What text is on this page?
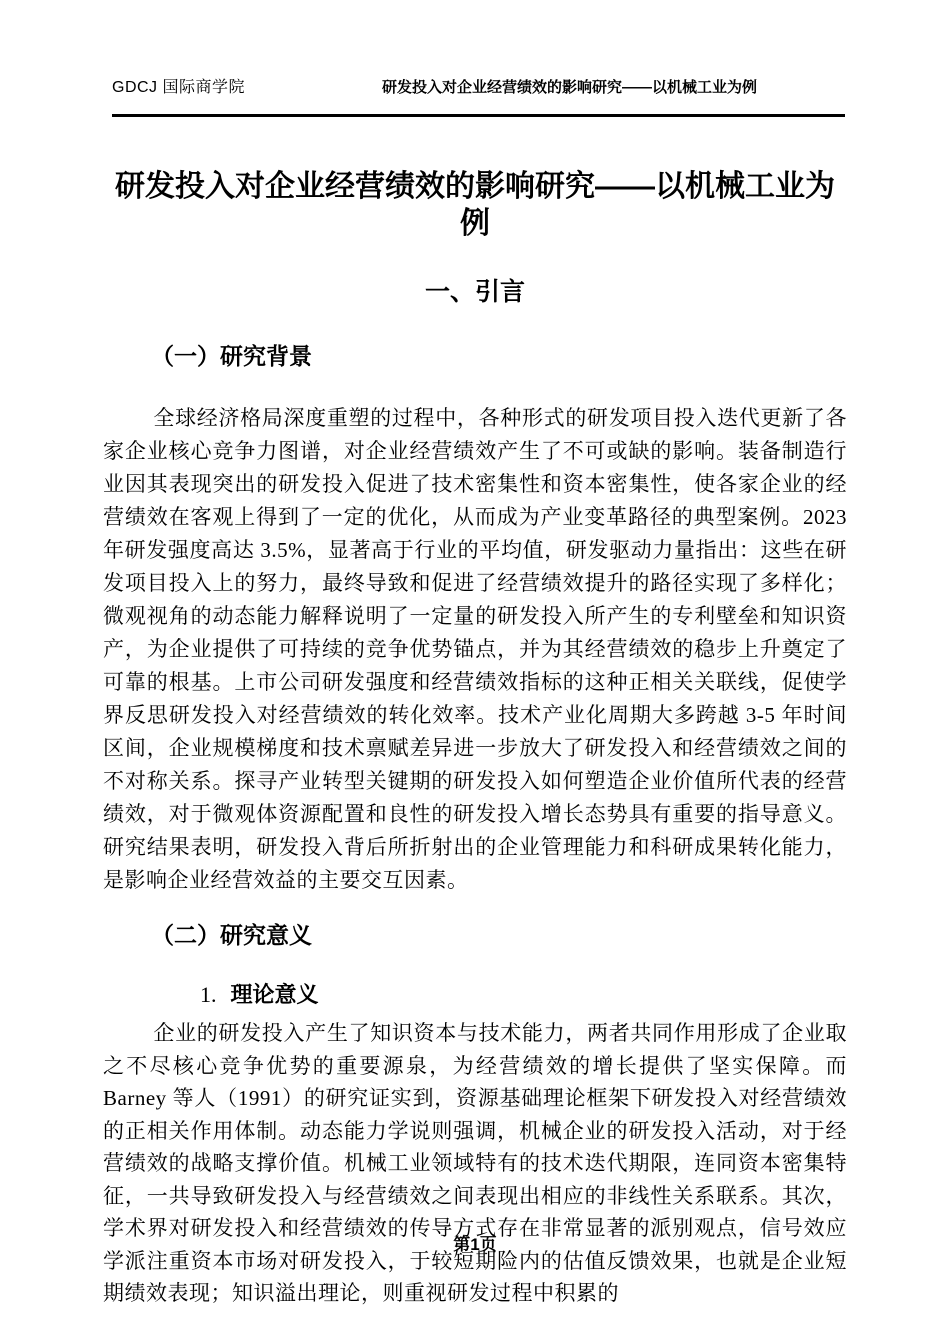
GDCJ 国际商学院	研发投入对企业经营绩效的影响研究——以机械工业为例
研发投入对企业经营绩效的影响研究——以机械工业为例
一、引言
（一）研究背景

全球经济格局深度重塑的过程中，各种形式的研发项目投入迭代更新了各家企业核心竞争力图谱，对企业经营绩效产生了不可或缺的影响。装备制造行业因其表现突出的研发投入促进了技术密集性和资本密集性，使各家企业的经营绩效在客观上得到了一定的优化，从而成为产业变革路径的典型案例。2023 年研发强度高达 3.5%，显著高于行业的平均值，研发驱动力量指出：这些在研发项目投入上的努力，最终导致和促进了经营绩效提升的路径实现了多样化；微观视角的动态能力解释说明了一定量的研发投入所产生的专利壁垒和知识资产，为企业提供了可持续的竞争优势锚点，并为其经营绩效的稳步上升奠定了可靠的根基。上市公司研发强度和经营绩效指标的这种正相关关联线，促使学界反思研发投入对经营绩效的转化效率。技术产业化周期大多跨越 3-5 年时间区间，企业规模梯度和技术禀赋差异进一步放大了研发投入和经营绩效之间的不对称关系。探寻产业转型关键期的研发投入如何塑造企业价值所代表的经营绩效，对于微观体资源配置和良性的研发投入增长态势具有重要的指导意义。研究结果表明，研发投入背后所折射出的企业管理能力和科研成果转化能力，是影响企业经营效益的主要交互因素。

（二）研究意义
1. 理论意义

企业的研发投入产生了知识资本与技术能力，两者共同作用形成了企业取之不尽核心竞争优势的重要源泉，为经营绩效的增长提供了坚实保障。而 Barney 等人（1991）的研究证实到，资源基础理论框架下研发投入对经营绩效的正相关作用体制。动态能力学说则强调，机械企业的研发投入活动，对于经营绩效的战略支撑价值。机械工业领域特有的技术迭代期限，连同资本密集特征，一共导致研发投入与经营绩效之间表现出相应的非线性关系联系。其次，学术界对研发投入和经营绩效的传导方式存在非常显著的派别观点，信号效应学派注重资本市场对研发投入，于较短期险内的估值反馈效果，也就是企业短期绩效表现；知识溢出理论，则重视研发过程中积累的

第1页
